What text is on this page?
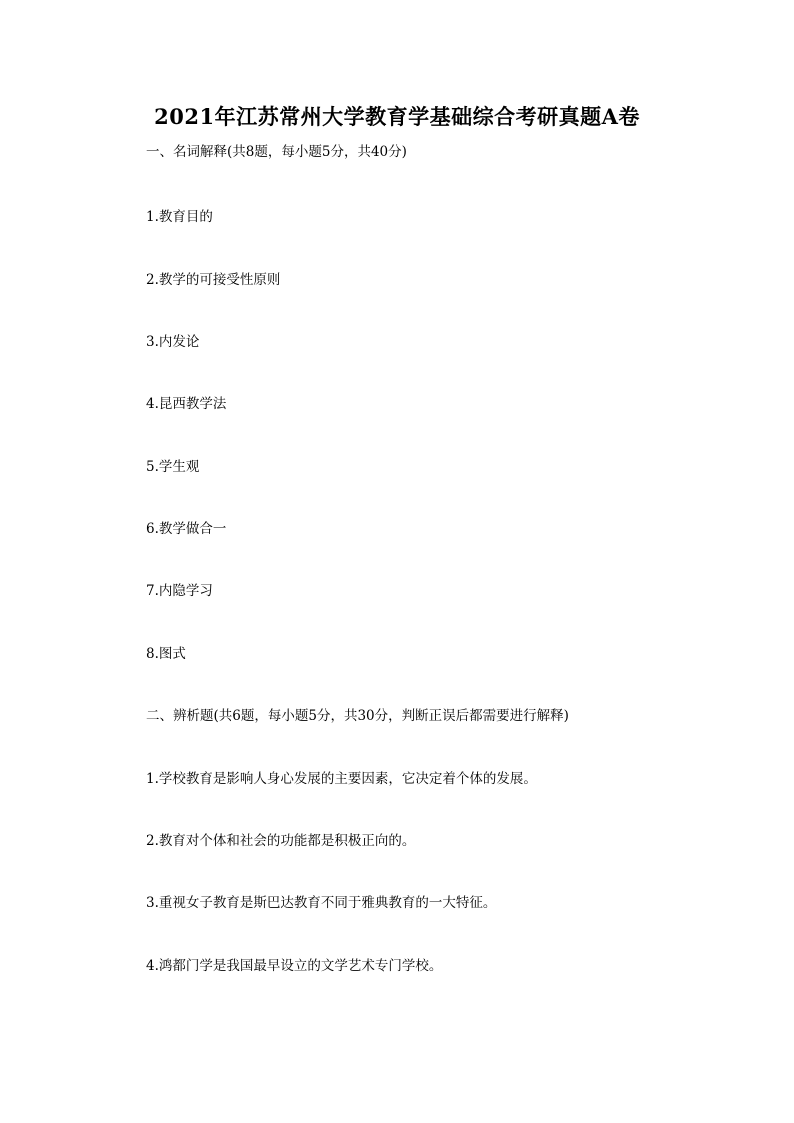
2021年江苏常州大学教育学基础综合考研真题A卷
一、名词解释(共8题，每小题5分，共40分)
1.教育目的
2.教学的可接受性原则
3.内发论
4.昆西教学法
5.学生观
6.教学做合一
7.内隐学习
8.图式
二、辨析题(共6题，每小题5分，共30分，判断正误后都需要进行解释)
1.学校教育是影响人身心发展的主要因素，它决定着个体的发展。
2.教育对个体和社会的功能都是积极正向的。
3.重视女子教育是斯巴达教育不同于雅典教育的一大特征。
4.鸿都门学是我国最早设立的文学艺术专门学校。
